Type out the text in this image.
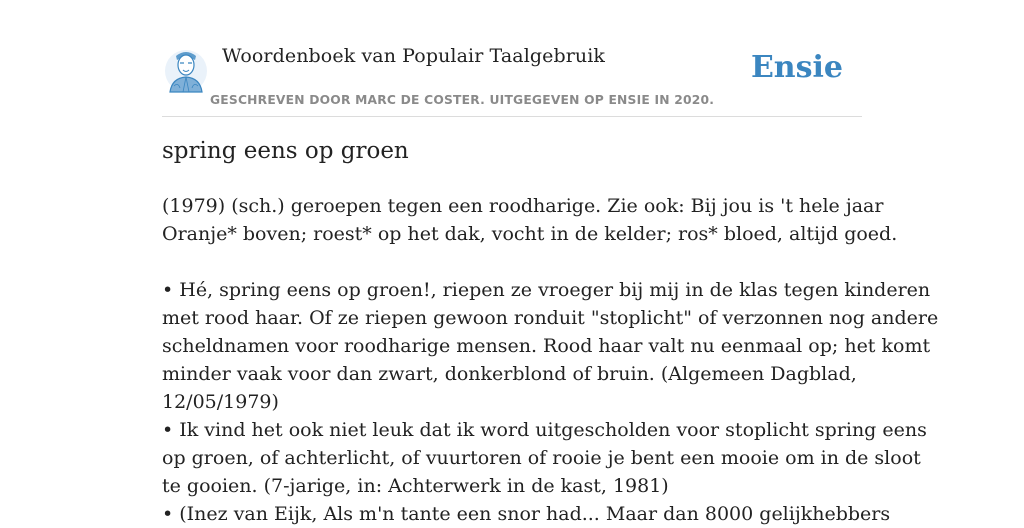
Woordenboek van Populair Taalgebruik
GESCHREVEN DOOR MARC DE COSTER. UITGEGEVEN OP ENSIE IN 2020.
Ensie
spring eens op groen

(1979) (sch.) geroepen tegen een roodharige. Zie ook: Bij jou is 't hele jaar

Oranje* boven; roest* op het dak, vocht in de kelder; ros* bloed, altijd goed.

• Hé, spring eens op groen!, riepen ze vroeger bij mij in de klas tegen kinderen

met rood haar. Of ze riepen gewoon ronduit "stoplicht" of verzonnen nog andere

scheldnamen voor roodharige mensen. Rood haar valt nu eenmaal op; het komt

minder vaak voor dan zwart, donkerblond of bruin. (Algemeen Dagblad,

12/05/1979)

• Ik vind het ook niet leuk dat ik word uitgescholden voor stoplicht spring eens

op groen, of achterlicht, of vuurtoren of rooie je bent een mooie om in de sloot

te gooien. (7-jarige, in: Achterwerk in de kast, 1981)

• (Inez van Eijk, Als m'n tante een snor had... Maar dan 8000 gelijkhebbers
